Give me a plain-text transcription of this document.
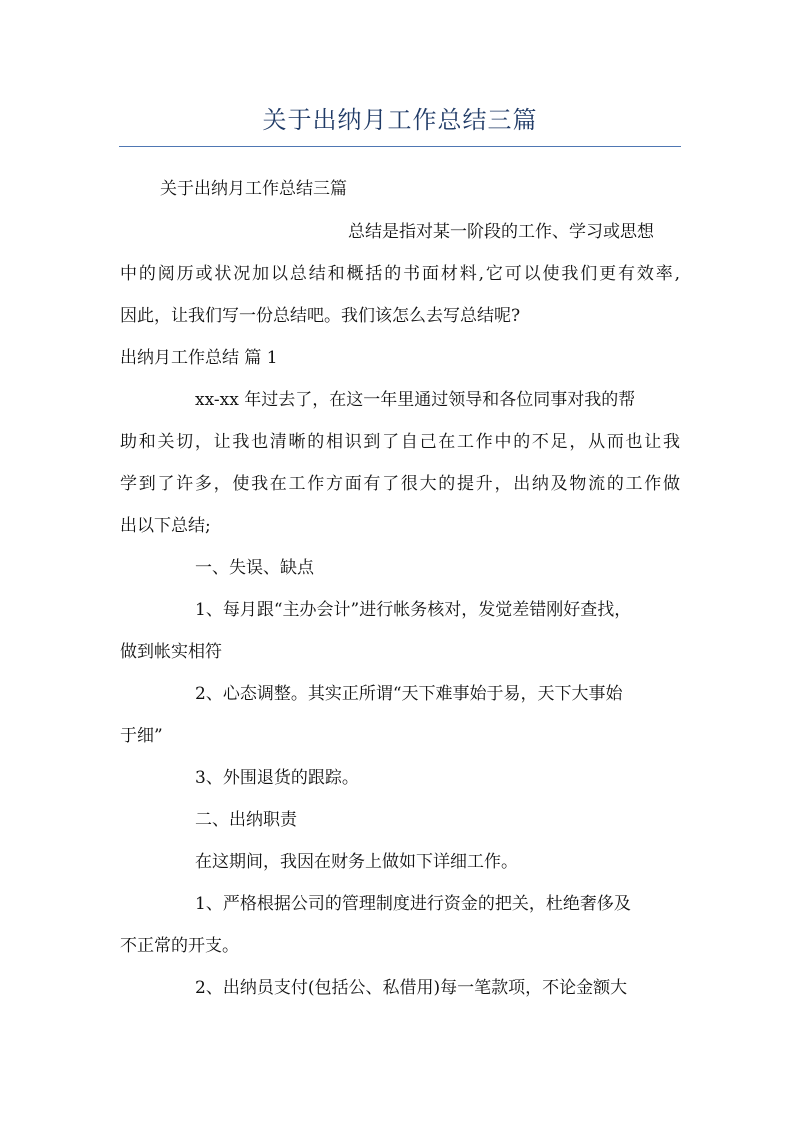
关于出纳月工作总结三篇
关于出纳月工作总结三篇
总结是指对某一阶段的工作、学习或思想
中的阅历或状况加以总结和概括的书面材料,它可以使我们更有效率,
因此，让我们写一份总结吧。我们该怎么去写总结呢?
出纳月工作总结 篇 1
xx-xx 年过去了，在这一年里通过领导和各位同事对我的帮
助和关切，让我也清晰的相识到了自己在工作中的不足，从而也让我
学到了许多，使我在工作方面有了很大的提升，出纳及物流的工作做
出以下总结;
一、失误、缺点
1、每月跟“主办会计”进行帐务核对，发觉差错刚好查找，
做到帐实相符
2、心态调整。其实正所谓“天下难事始于易，天下大事始
于细”
3、外围退货的跟踪。
二、出纳职责
在这期间，我因在财务上做如下详细工作。
1、严格根据公司的管理制度进行资金的把关，杜绝奢侈及
不正常的开支。
2、出纳员支付(包括公、私借用)每一笔款项，不论金额大
